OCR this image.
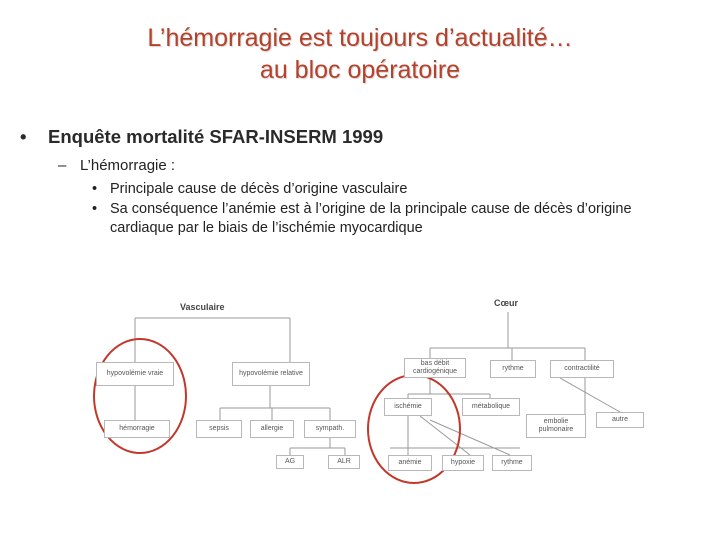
L’hémorragie est toujours d’actualité…
au bloc opératoire
• Enquête mortalité SFAR-INSERM 1999
– L’hémorragie :
• Principale cause de décès d’origine vasculaire
• Sa conséquence l’anémie est à l’origine de la principale cause de décès d’origine cardiaque par le biais de l’ischémie myocardique
Vasculaire	Cœur
hypovolémie vraie	hypovolémie relative
hémorragie	sepsis	allergie	sympath.
AG	ALR
bas débit cardiogénique	rythme	contractilité
ischémie	métabolique
embolie pulmonaire
autre
anémie	hypoxie	rythme
